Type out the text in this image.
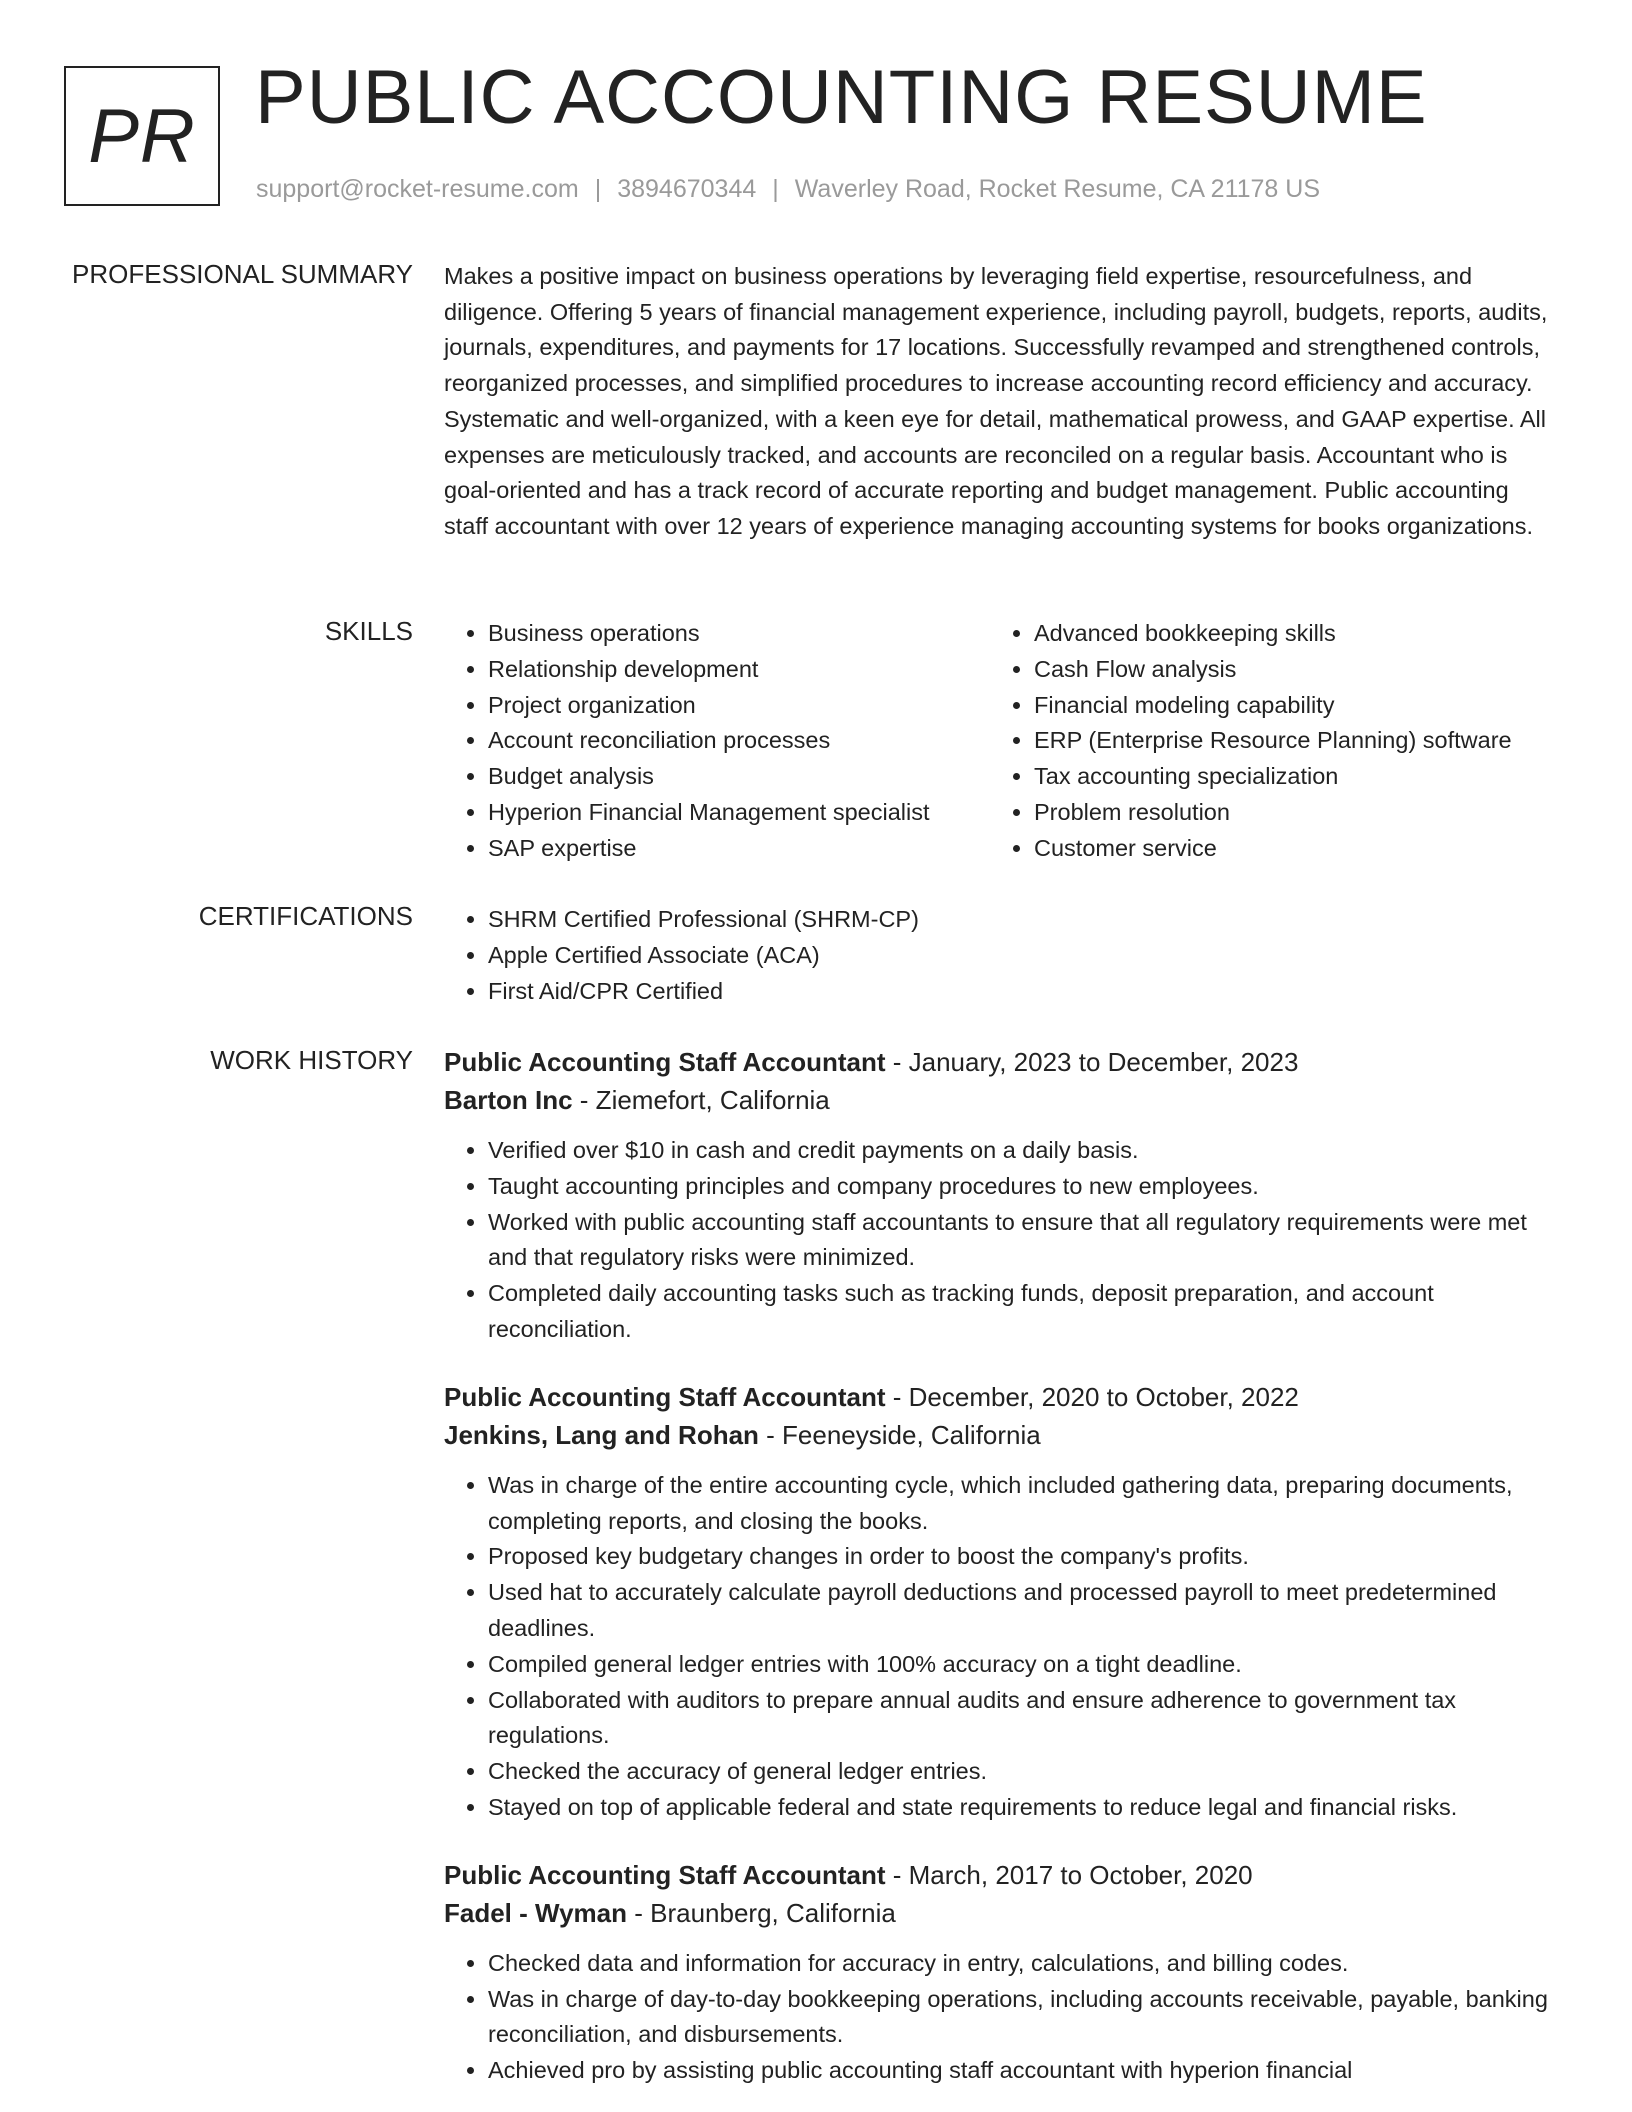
PR PUBLIC ACCOUNTING RESUME
support@rocket-resume.com | 3894670344 | Waverley Road, Rocket Resume, CA 21178 US
PROFESSIONAL SUMMARY Makes a positive impact on business operations by leveraging field expertise, resourcefulness, and diligence. Offering 5 years of financial management experience, including payroll, budgets, reports, audits, journals, expenditures, and payments for 17 locations. Successfully revamped and strengthened controls, reorganized processes, and simplified procedures to increase accounting record efficiency and accuracy. Systematic and well-organized, with a keen eye for detail, mathematical prowess, and GAAP expertise. All expenses are meticulously tracked, and accounts are reconciled on a regular basis. Accountant who is goal-oriented and has a track record of accurate reporting and budget management. Public accounting staff accountant with over 12 years of experience managing accounting systems for books organizations.

SKILLS	• Business operations
• Relationship development
• Project organization
• Account reconciliation processes
• Budget analysis
• Hyperion Financial Management specialist
• SAP expertise
• Advanced bookkeeping skills
• Cash Flow analysis
• Financial modeling capability
• ERP (Enterprise Resource Planning) software
• Tax accounting specialization
• Problem resolution
• Customer service
CERTIFICATIONS	• SHRM Certified Professional (SHRM-CP)
• Apple Certified Associate (ACA)
• First Aid/CPR Certified
WORK HISTORY Public Accounting Staff Accountant - January, 2023 to December, 2023

Barton Inc - Ziemefort, California

• Verified over $10 in cash and credit payments on a daily basis.
• Taught accounting principles and company procedures to new employees.
• Worked with public accounting staff accountants to ensure that all regulatory requirements were met and that regulatory risks were minimized.
• Completed daily accounting tasks such as tracking funds, deposit preparation, and account reconciliation.

Public Accounting Staff Accountant - December, 2020 to October, 2022

Jenkins, Lang and Rohan - Feeneyside, California

• Was in charge of the entire accounting cycle, which included gathering data, preparing documents, completing reports, and closing the books.
• Proposed key budgetary changes in order to boost the company's profits.
• Used hat to accurately calculate payroll deductions and processed payroll to meet predetermined deadlines.
• Compiled general ledger entries with 100% accuracy on a tight deadline.
• Collaborated with auditors to prepare annual audits and ensure adherence to government tax regulations.
• Checked the accuracy of general ledger entries.
• Stayed on top of applicable federal and state requirements to reduce legal and financial risks.

Public Accounting Staff Accountant - March, 2017 to October, 2020

Fadel - Wyman - Braunberg, California

• Checked data and information for accuracy in entry, calculations, and billing codes.
• Was in charge of day-to-day bookkeeping operations, including accounts receivable, payable, banking reconciliation, and disbursements.
• Achieved pro by assisting public accounting staff accountant with hyperion financial
